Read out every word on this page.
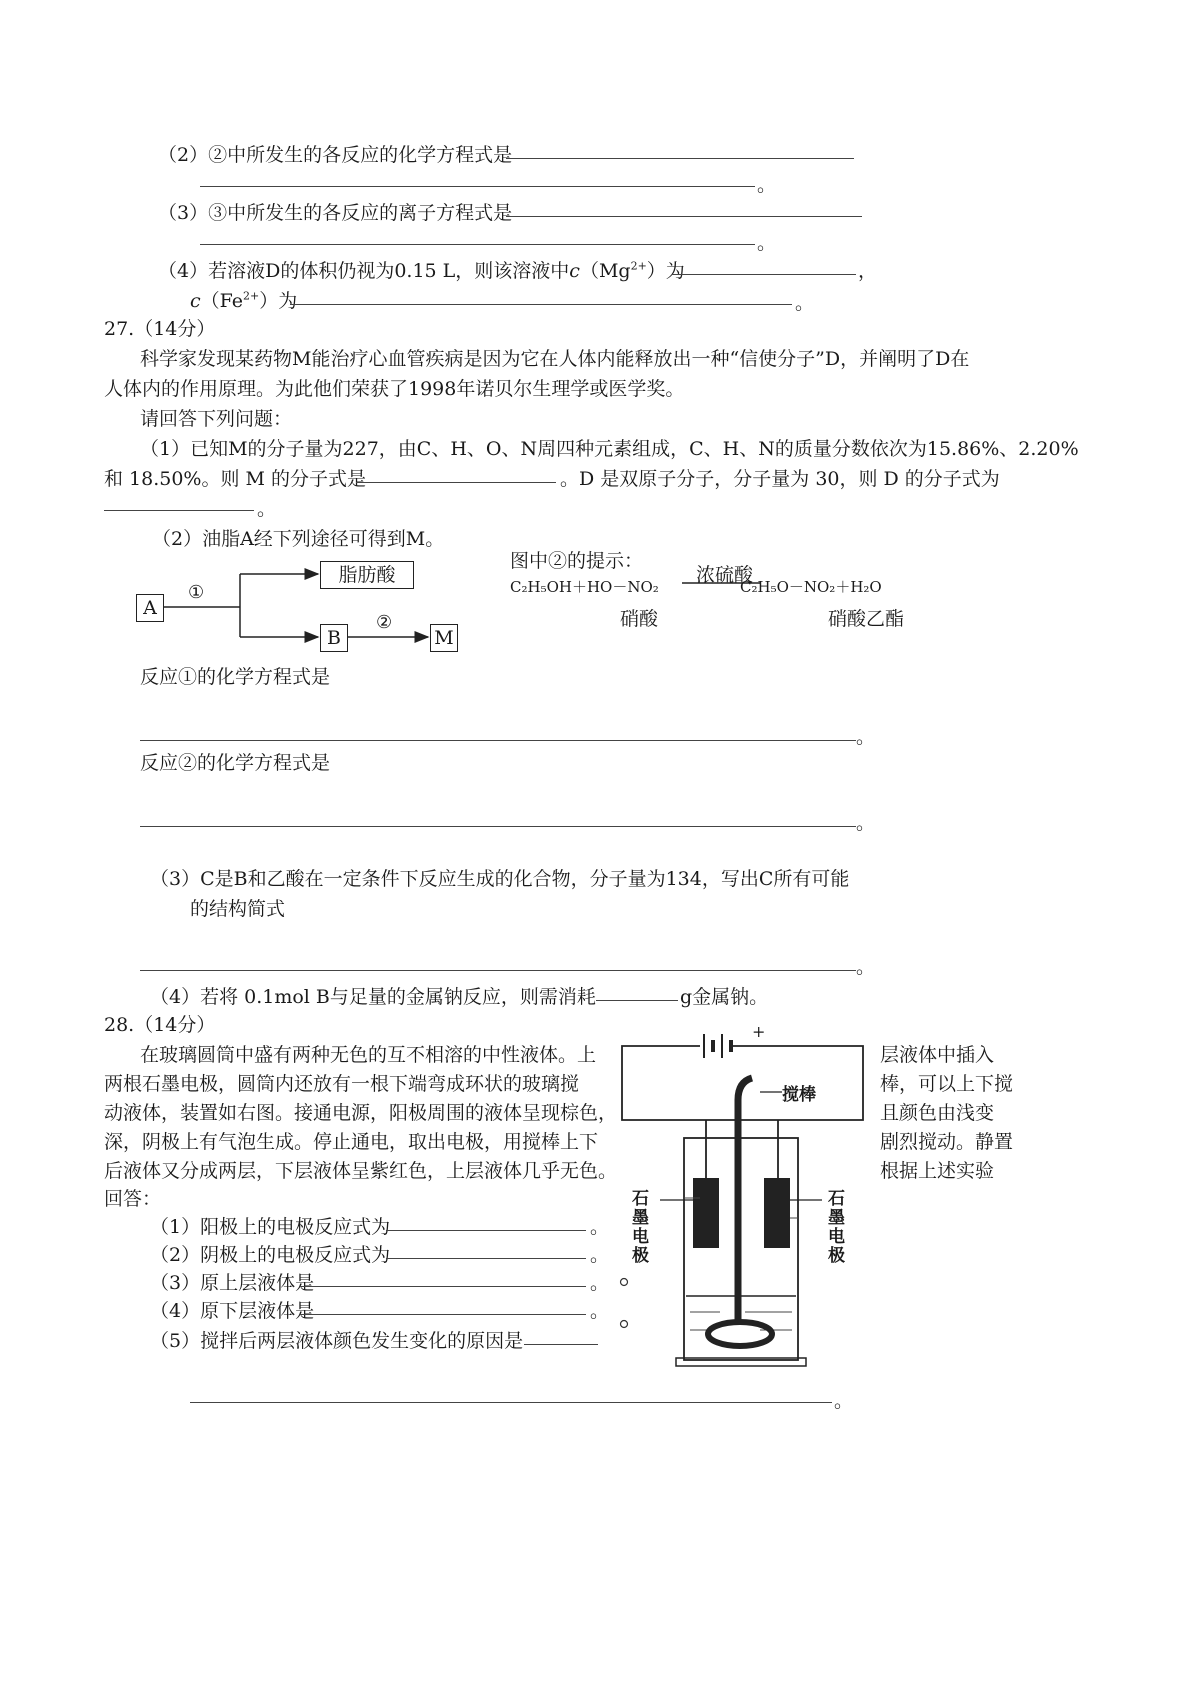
（2）②中所发生的各反应的化学方程式是
。
（3）③中所发生的各反应的离子方程式是
。
（4）若溶液D的体积仍视为0.15 L，则该溶液中$c(Mg^{2+})$为	，
$c(Fe^{2+})$为	。
27.（14分）
科学家发现某药物M能治疗心血管疾病是因为它在人体内能释放出一种“信使分子”D，并阐明了D在
人体内的作用原理。为此他们荣获了1998年诺贝尔生理学或医学奖。
请回答下列问题：
（1）已知M的分子量为227，由C、H、O、N周四种元素组成，C、H、N的质量分数依次为15.86%、2.20%
和 18.50%。则 M 的分子式是	。D 是双原子分子，分子量为 30，则 D 的分子式为
。
（2）油脂A经下列途径可得到M。
A
①
脂肪酸
B
②
M
图中②的提示：
C₂H₅OH＋HO－NO₂
浓硫酸
C₂H₅O－NO₂＋H₂O
硝酸	硝酸乙酯
反应①的化学方程式是
。
反应②的化学方程式是
。
（3）C是B和乙酸在一定条件下反应生成的化合物，分子量为134，写出C所有可能
的结构简式
。
（4）若将 0.1mol B与足量的金属钠反应，则需消耗	g金属钠。
28.（14分）
在玻璃圆筒中盛有两种无色的互不相溶的中性液体。上	层液体中插入
两根石墨电极，圆筒内还放有一根下端弯成环状的玻璃搅	棒，可以上下搅
动液体，装置如右图。接通电源，阳极周围的液体呈现棕色，	且颜色由浅变
深，阴极上有气泡生成。停止通电，取出电极，用搅棒上下	剧烈搅动。静置
后液体又分成两层，下层液体呈紫红色，上层液体几乎无色。	根据上述实验
回答：
（1）阳极上的电极反应式为	。
（2）阴极上的电极反应式为	。
（3）原上层液体是	。
（4）原下层液体是	。
（5）搅拌后两层液体颜色发生变化的原因是
。
搅棒
+
石墨电极
石墨电极
